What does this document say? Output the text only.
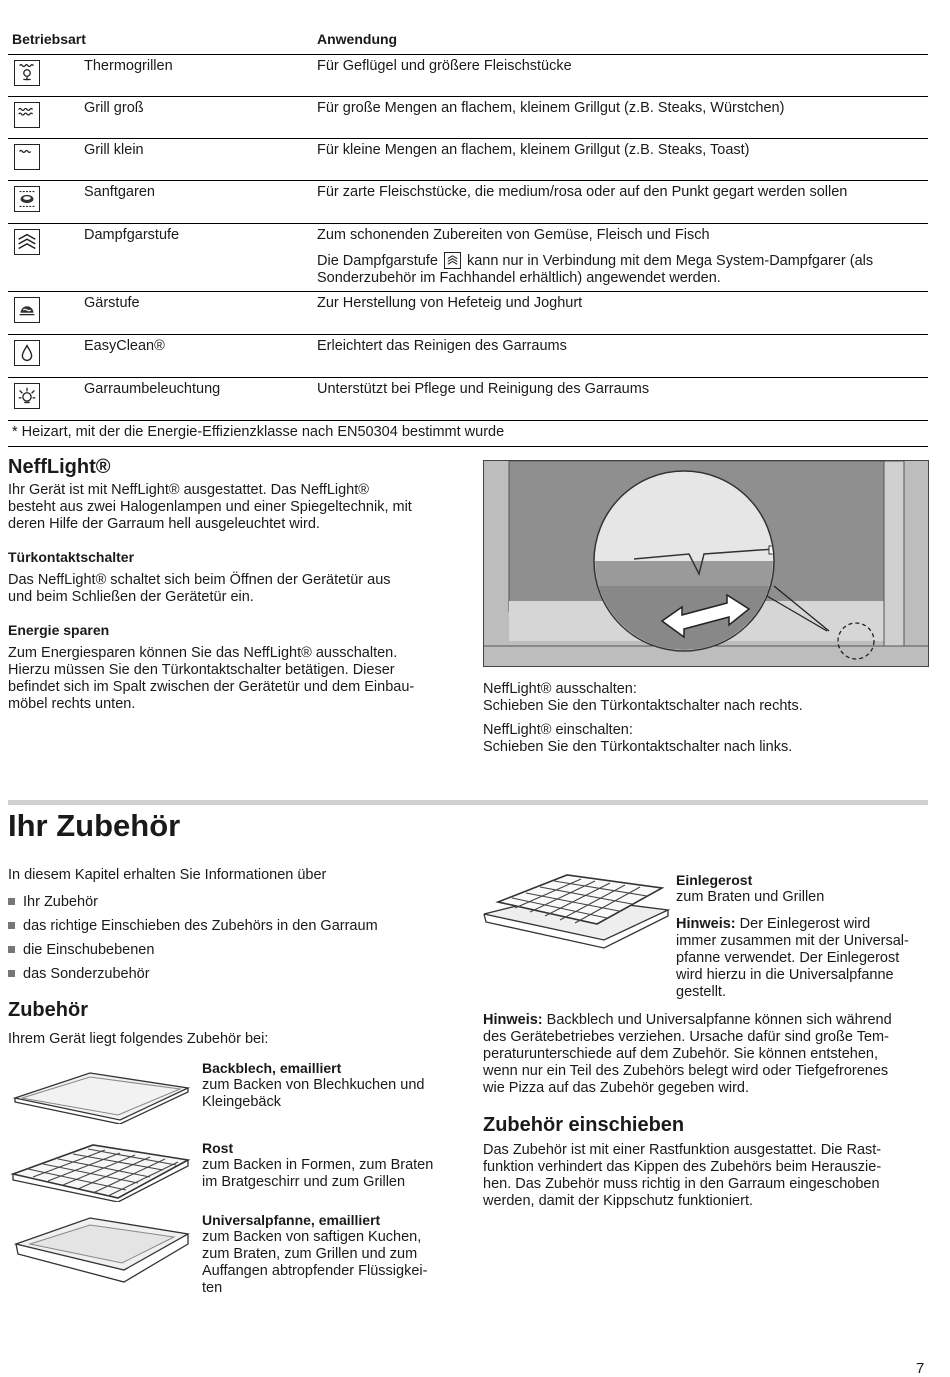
Betriebsart	Anwendung
Thermogrillen	Für Geflügel und größere Fleischstücke
Grill groß	Für große Mengen an flachem, kleinem Grillgut (z.B. Steaks, Würstchen)
Grill klein	Für kleine Mengen an flachem, kleinem Grillgut (z.B. Steaks, Toast)
Sanftgaren	Für zarte Fleischstücke, die medium/rosa oder auf den Punkt gegart werden sollen
Dampfgarstufe	Zum schonenden Zubereiten von Gemüse, Fleisch und Fisch
Die Dampfgarstufe kann nur in Verbindung mit dem Mega System-Dampfgarer (als
Sonderzubehör im Fachhandel erhältlich) angewendet werden.
Gärstufe	Zur Herstellung von Hefeteig und Joghurt
EasyClean®	Erleichtert das Reinigen des Garraums
Garraumbeleuchtung	Unterstützt bei Pflege und Reinigung des Garraums
* Heizart, mit der die Energie-Effizienzklasse nach EN50304 bestimmt wurde
NeffLight®
Ihr Gerät ist mit NeffLight® ausgestattet. Das NeffLight®
besteht aus zwei Halogenlampen und einer Spiegeltechnik, mit
deren Hilfe der Garraum hell ausgeleuchtet wird.
Türkontaktschalter
Das NeffLight® schaltet sich beim Öffnen der Gerätetür aus
und beim Schließen der Gerätetür ein.
Energie sparen
Zum Energiesparen können Sie das NeffLight® ausschalten.
Hierzu müssen Sie den Türkontaktschalter betätigen. Dieser
befindet sich im Spalt zwischen der Gerätetür und dem Einbau-
möbel rechts unten.
NeffLight® ausschalten:
Schieben Sie den Türkontaktschalter nach rechts.
NeffLight® einschalten:
Schieben Sie den Türkontaktschalter nach links.
Ihr Zubehör
In diesem Kapitel erhalten Sie Informationen über
Ihr Zubehör
das richtige Einschieben des Zubehörs in den Garraum
die Einschubebenen
das Sonderzubehör
Zubehör
Ihrem Gerät liegt folgendes Zubehör bei:
Backblech, emailliert
zum Backen von Blechkuchen und
Kleingebäck
Rost
zum Backen in Formen, zum Braten
im Bratgeschirr und zum Grillen
Universalpfanne, emailliert
zum Backen von saftigen Kuchen,
zum Braten, zum Grillen und zum
Auffangen abtropfender Flüssigkei-
ten
Einlegerost
zum Braten und Grillen
Hinweis: Der Einlegerost wird
immer zusammen mit der Universal-
pfanne verwendet. Der Einlegerost
wird hierzu in die Universalpfanne
gestellt.
Hinweis: Backblech und Universalpfanne können sich während
des Gerätebetriebes verziehen. Ursache dafür sind große Tem-
peraturunterschiede auf dem Zubehör. Sie können entstehen,
wenn nur ein Teil des Zubehörs belegt wird oder Tiefgefrorenes
wie Pizza auf das Zubehör gegeben wird.
Zubehör einschieben
Das Zubehör ist mit einer Rastfunktion ausgestattet. Die Rast-
funktion verhindert das Kippen des Zubehörs beim Herauszie-
hen. Das Zubehör muss richtig in den Garraum eingeschoben
werden, damit der Kippschutz funktioniert.
7
